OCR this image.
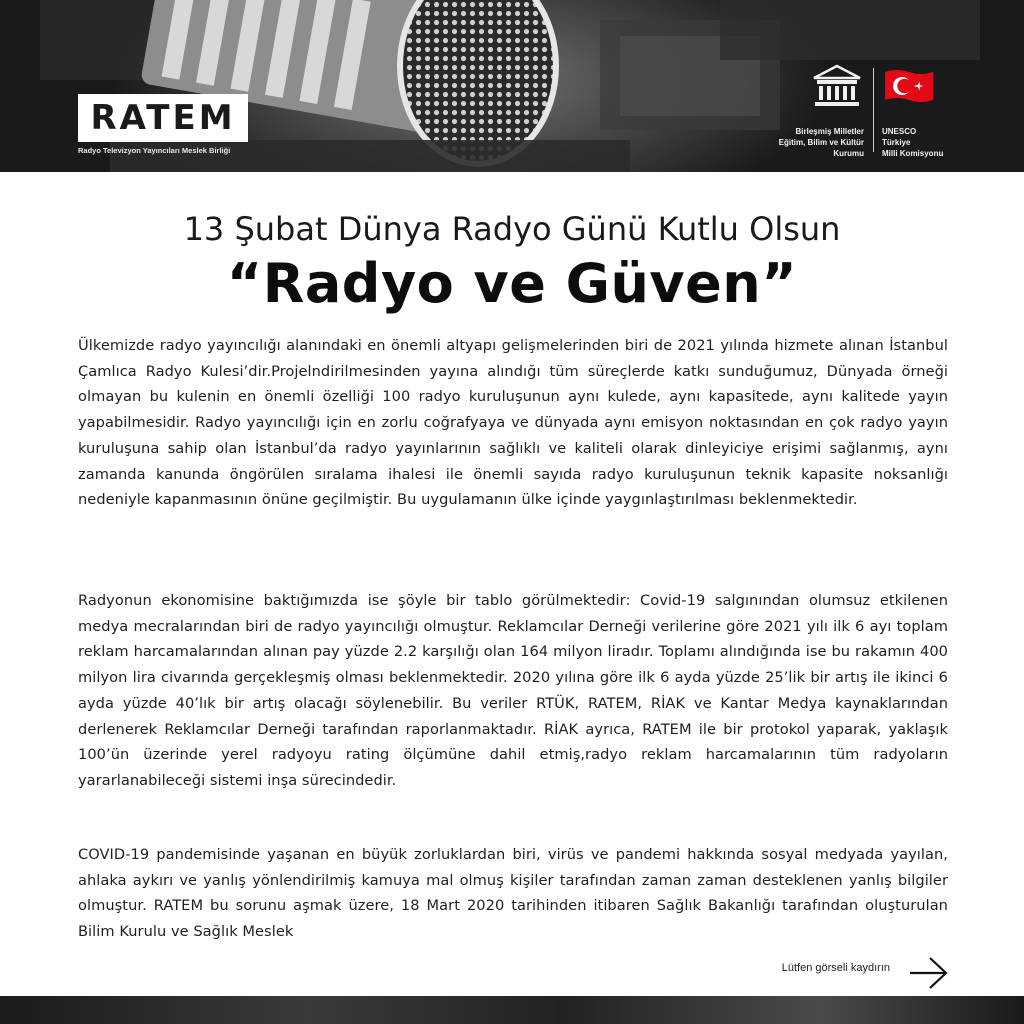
RATEM
Radyo Televizyon Yayıncıları Meslek Birliği
Birleşmiş Milletler
Eğitim, Bilim ve Kültür
Kurumu
UNESCO
Türkiye
Milli Komisyonu
13 Şubat Dünya Radyo Günü Kutlu Olsun
“Radyo ve Güven”

Ülkemizde radyo yayıncılığı alanındaki en önemli altyapı gelişmelerinden biri de 2021 yılında hizmete alınan İstanbul Çamlıca Radyo Kulesi’dir.Projelndirilmesinden yayına alındığı tüm süreçlerde katkı sunduğumuz, Dünyada örneği olmayan bu kulenin en önemli özelliği 100 radyo kuruluşunun aynı kulede, aynı kapasitede, aynı kalitede yayın yapabilmesidir. Radyo yayıncılığı için en zorlu coğrafyaya ve dünyada aynı emisyon noktasından en çok radyo yayın kuruluşuna sahip olan İstanbul’da radyo yayınlarının sağlıklı ve kaliteli olarak dinleyiciye erişimi sağlanmış, aynı zamanda kanunda öngörülen sıralama ihalesi ile önemli sayıda radyo kuruluşunun teknik kapasite noksanlığı nedeniyle kapanmasının önüne geçilmiştir. Bu uygulamanın ülke içinde yaygınlaştırılması beklenmektedir.

Radyonun ekonomisine baktığımızda ise şöyle bir tablo görülmektedir: Covid-19 salgınından olumsuz etkilenen medya mecralarından biri de radyo yayıncılığı olmuştur. Reklamcılar Derneği verilerine göre 2021 yılı ilk 6 ayı toplam reklam harcamalarından alınan pay yüzde 2.2 karşılığı olan 164 milyon liradır. Toplamı alındığında ise bu rakamın 400 milyon lira civarında gerçekleşmiş olması beklenmektedir. 2020 yılına göre ilk 6 ayda yüzde 25’lik bir artış ile ikinci 6 ayda yüzde 40’lık bir artış olacağı söylenebilir. Bu veriler RTÜK, RATEM, RİAK ve Kantar Medya kaynaklarından derlenerek Reklamcılar Derneği tarafından raporlanmaktadır. RİAK ayrıca, RATEM ile bir protokol yaparak, yaklaşık 100’ün üzerinde yerel radyoyu rating ölçümüne dahil etmiş,radyo reklam harcamalarının tüm radyoların yararlanabileceği sistemi inşa sürecindedir.

COVID-19 pandemisinde yaşanan en büyük zorluklardan biri, virüs ve pandemi hakkında sosyal medyada yayılan, ahlaka aykırı ve yanlış yönlendirilmiş kamuya mal olmuş kişiler tarafından zaman zaman desteklenen yanlış bilgiler olmuştur. RATEM bu sorunu aşmak üzere, 18 Mart 2020 tarihinden itibaren Sağlık Bakanlığı tarafından oluşturulan Bilim Kurulu ve Sağlık Meslek

Lütfen görseli kaydırın
